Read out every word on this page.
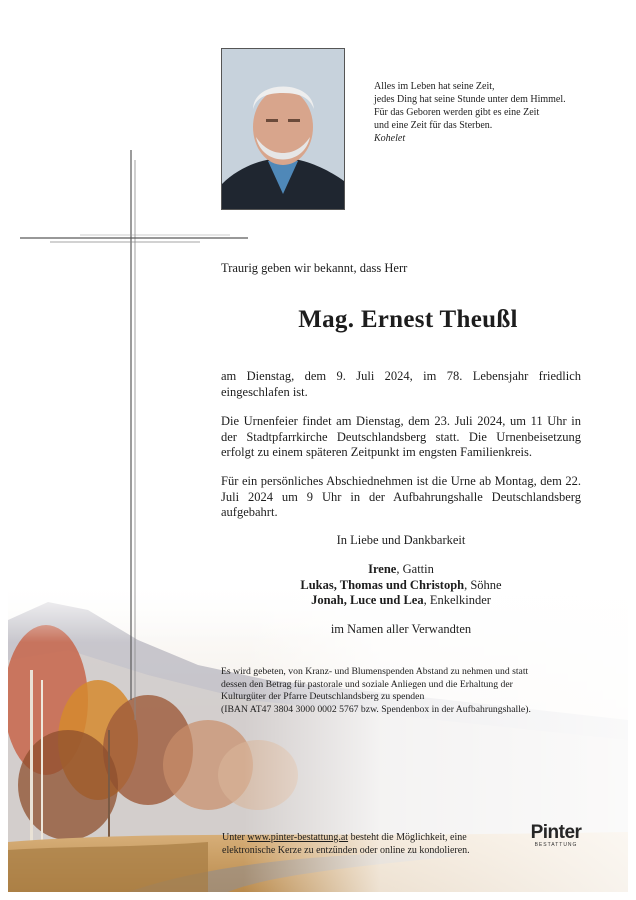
Alles im Leben hat seine Zeit,
jedes Ding hat seine Stunde unter dem Himmel.
Für das Geboren werden gibt es eine Zeit
und eine Zeit für das Sterben.
Kohelet
Traurig geben wir bekannt, dass Herr
Mag. Ernest Theußl
am Dienstag, dem 9. Juli 2024, im 78. Lebensjahr friedlich eingeschlafen ist.
Die Urnenfeier findet am Dienstag, dem 23. Juli 2024, um 11 Uhr in der Stadtpfarrkirche Deutschlandsberg statt. Die Urnenbeisetzung erfolgt zu einem späteren Zeitpunkt im engsten Familienkreis.
Für ein persönliches Abschiednehmen ist die Urne ab Montag, dem 22. Juli 2024 um 9 Uhr in der Aufbahrungshalle Deutschlandsberg aufgebahrt.
In Liebe und Dankbarkeit
Irene, Gattin
Lukas, Thomas und Christoph, Söhne
Jonah, Luce und Lea, Enkelkinder
im Namen aller Verwandten
Es wird gebeten, von Kranz- und Blumenspenden Abstand zu nehmen und statt
dessen den Betrag für pastorale und soziale Anliegen und die Erhaltung der
Kulturgüter der Pfarre Deutschlandsberg zu spenden
(IBAN AT47 3804 3000 0002 5767 bzw. Spendenbox in der Aufbahrungshalle).
Unter www.pinter-bestattung.at besteht die Möglichkeit, eine
elektronische Kerze zu entzünden oder online zu kondolieren.
Pinter
BESTATTUNG
